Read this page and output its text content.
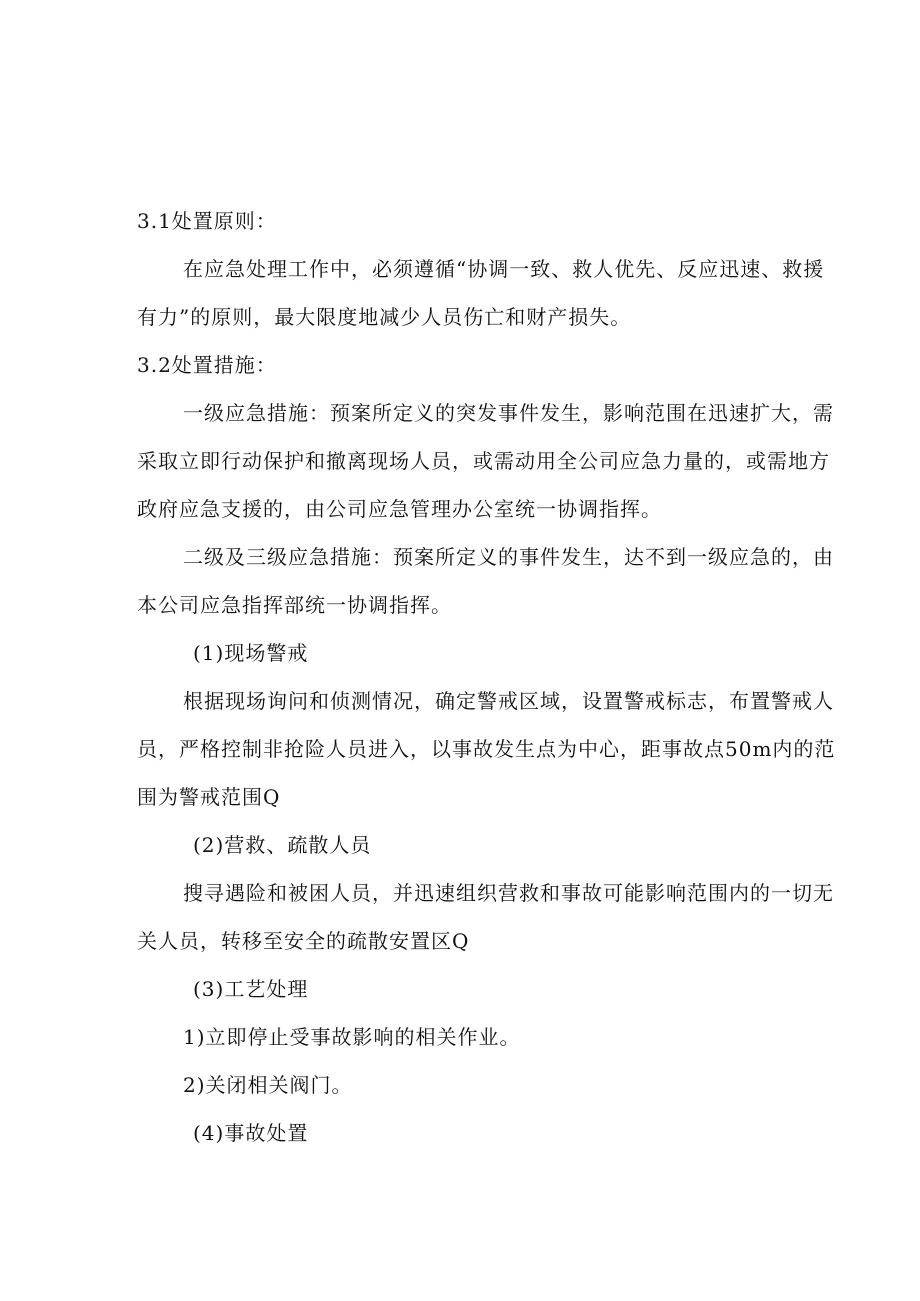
3.1处置原则：
在应急处理工作中，必须遵循“协调一致、救人优先、反应迅速、救援
有力”的原则，最大限度地减少人员伤亡和财产损失。
3.2处置措施：
一级应急措施：预案所定义的突发事件发生，影响范围在迅速扩大，需
采取立即行动保护和撤离现场人员，或需动用全公司应急力量的，或需地方
政府应急支援的，由公司应急管理办公室统一协调指挥。
二级及三级应急措施：预案所定义的事件发生，达不到一级应急的，由
本公司应急指挥部统一协调指挥。
(1)现场警戒
根据现场询问和侦测情况，确定警戒区域，设置警戒标志，布置警戒人
员，严格控制非抢险人员进入，以事故发生点为中心，距事故点50m内的范
围为警戒范围Q
(2)营救、疏散人员
搜寻遇险和被困人员，并迅速组织营救和事故可能影响范围内的一切无
关人员，转移至安全的疏散安置区Q
(3)工艺处理
1)立即停止受事故影响的相关作业。
2)关闭相关阀门。
(4)事故处置
